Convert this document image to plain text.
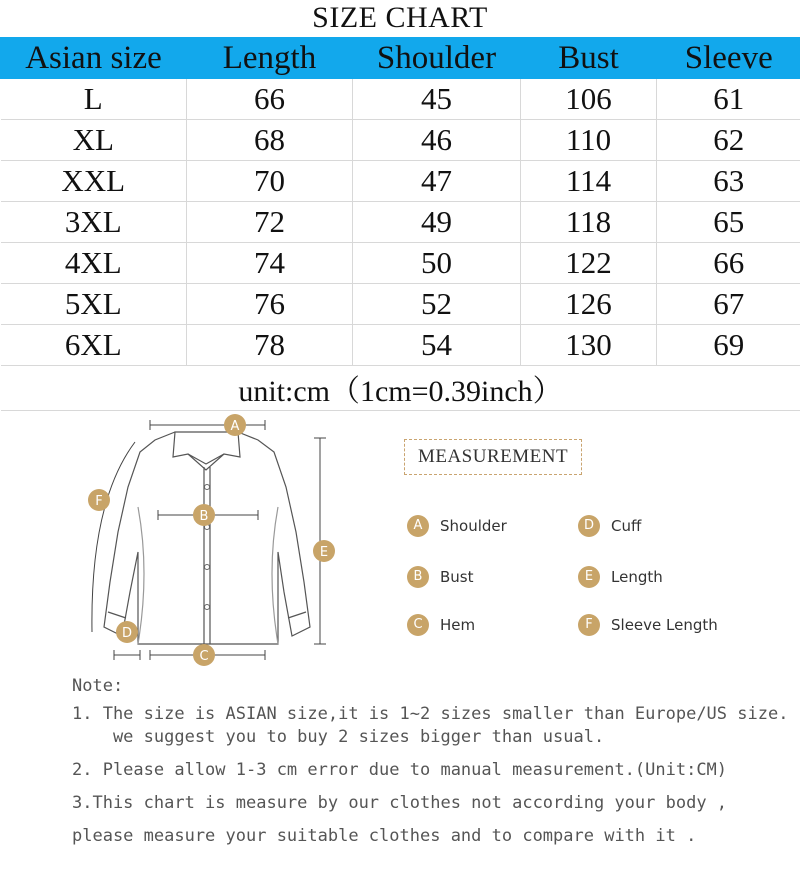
SIZE CHART
Asian size	Length	Shoulder	Bust	Sleeve
L	66	45	106	61
XL	68	46	110	62
XXL	70	47	114	63
3XL	72	49	118	65
4XL	74	50	122	66
5XL	76	52	126	67
6XL	78	54	130	69
unit:cm（1cm=0.39inch）				
A
B
C
D
E
F
MEASUREMENT
A	Shoulder	D	Cuff
B	Bust	E	Length
C	Hem	F	Sleeve Length
Note:
1. The size is ASIAN size,it is 1~2 sizes smaller than Europe/US size.
we suggest you to buy 2 sizes bigger than usual.
2. Please allow 1-3 cm error due to manual measurement.(Unit:CM)
3.This chart is measure by our clothes not according your body ,
please measure your suitable clothes and to compare with it .
